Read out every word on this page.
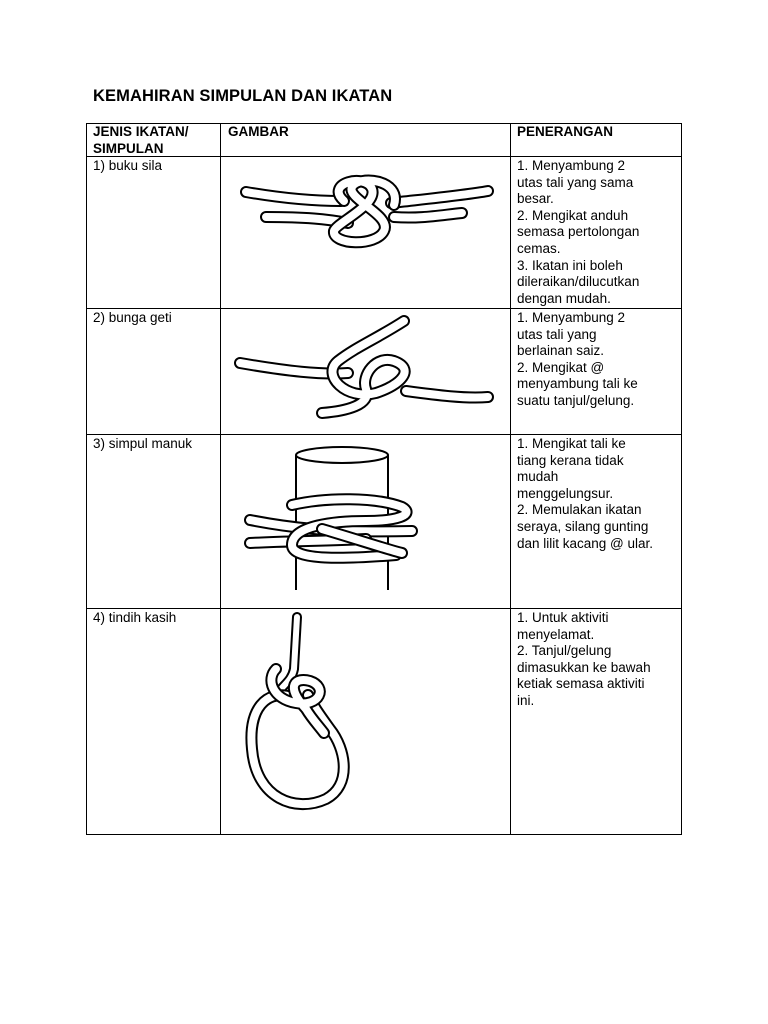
KEMAHIRAN SIMPULAN DAN IKATAN
JENIS IKATAN/
SIMPULAN
GAMBAR	PENERANGAN
1) buku sila
2) bunga geti
3) simpul manuk
4) tindih kasih
1. Menyambung 2
utas tali yang sama
besar.
2. Mengikat anduh
semasa pertolongan
cemas.
3. Ikatan ini boleh
dileraikan/dilucutkan
dengan mudah.
1. Menyambung 2
utas tali yang
berlainan saiz.
2. Mengikat @
menyambung tali ke
suatu tanjul/gelung.
1. Mengikat tali ke
tiang kerana tidak
mudah
menggelungsur.
2. Memulakan ikatan
seraya, silang gunting
dan lilit kacang @ ular.
1. Untuk aktiviti
menyelamat.
2. Tanjul/gelung
dimasukkan ke bawah
ketiak semasa aktiviti
ini.
